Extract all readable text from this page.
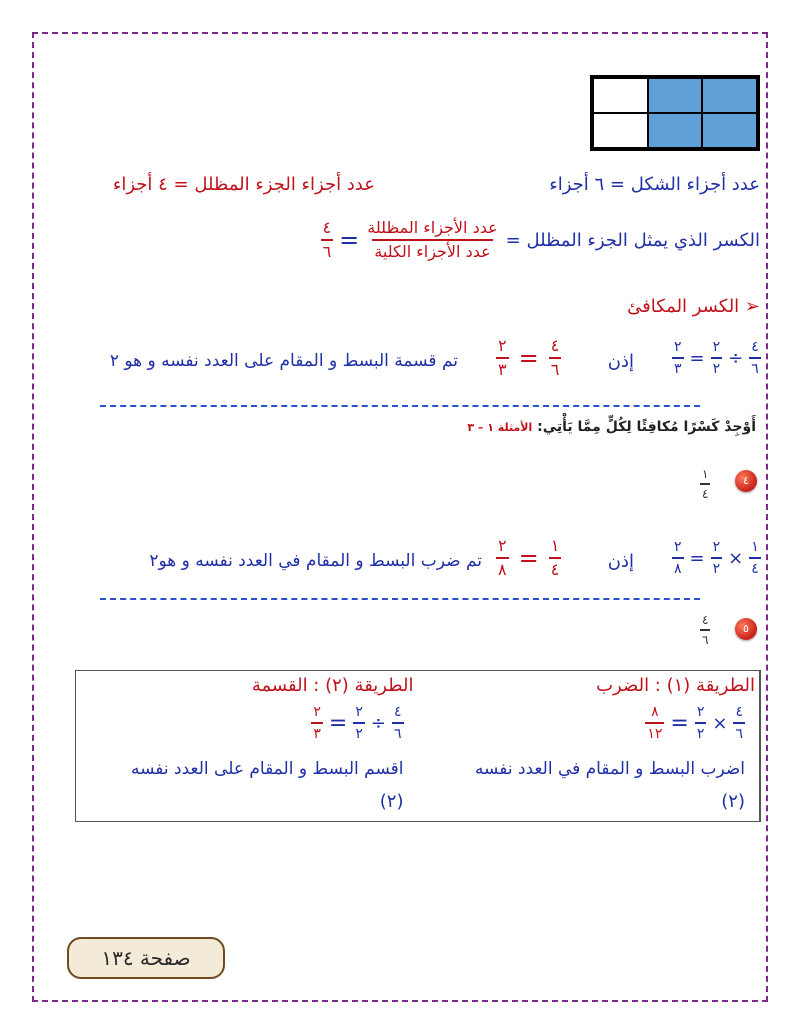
عدد أجزاء الشكل = ٦ أجزاء
عدد أجزاء الجزء المظلل = ٤ أجزاء
الكسر الذي يمثل الجزء المظلل =
$\frac{\text{عدد الأجزاء المظللة}}{\text{عدد الأجزاء الكلية}}$
=
$\frac{٤}{٦}$
➢ الكسر المكافئ
$\frac{٤}{٦}$
÷
$\frac{٢}{٢}$
=
$\frac{٢}{٣}$
إذن
$\frac{٤}{٦}$
=
$\frac{٢}{٣}$
تم قسمة البسط و المقام على العدد نفسه و هو ٢
أَوْجِدْ كَسْرًا مُكافِئًا لِكُلٍّ مِمَّا يَأْتِي: الأمثلة ١ – ٣
٤
$\frac{١}{٤}$
$\frac{١}{٤}$
×
$\frac{٢}{٢}$
=
$\frac{٢}{٨}$
إذن
$\frac{١}{٤}$
=
$\frac{٢}{٨}$
تم ضرب البسط و المقام في العدد نفسه و هو٢
٥
$\frac{٤}{٦}$
الطريقة (٢) : القسمة
$\frac{٤}{٦}$
÷
$\frac{٢}{٢}$
=
$\frac{٢}{٣}$
اقسم البسط و المقام على العدد نفسه
(٢)
الطريقة (١) : الضرب
$\frac{٤}{٦}$
×
$\frac{٢}{٢}$
=
$\frac{٨}{١٢}$
اضرب البسط و المقام في العدد نفسه
(٢)
صفحة ١٣٤
